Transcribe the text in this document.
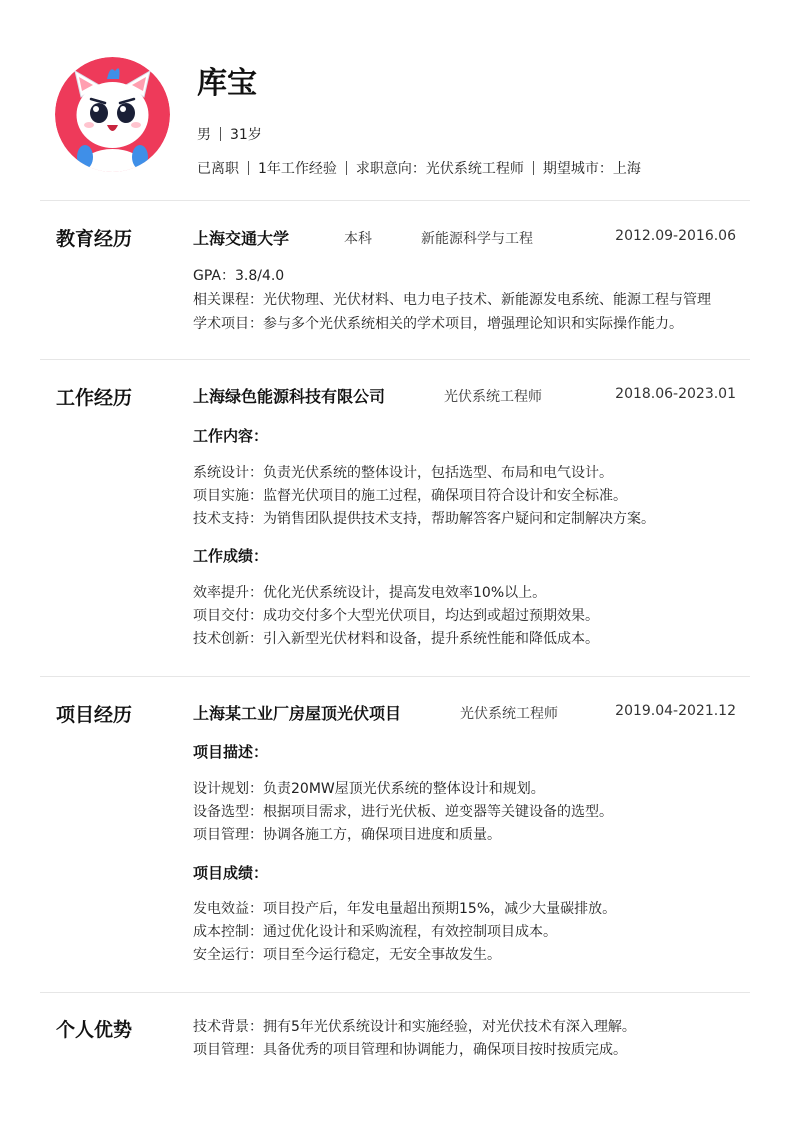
库宝
男 31岁
已离职 1年工作经验 求职意向：光伏系统工程师 期望城市：上海
教育经历	上海交通大学	本科	新能源科学与工程	2012.09-2016.06
GPA：3.8/4.0
相关课程：光伏物理、光伏材料、电力电子技术、新能源发电系统、能源工程与管理
学术项目：参与多个光伏系统相关的学术项目，增强理论知识和实际操作能力。
工作经历	上海绿色能源科技有限公司	光伏系统工程师	2018.06-2023.01
工作内容：
系统设计：负责光伏系统的整体设计，包括选型、布局和电气设计。
项目实施：监督光伏项目的施工过程，确保项目符合设计和安全标准。
技术支持：为销售团队提供技术支持，帮助解答客户疑问和定制解决方案。
工作成绩：
效率提升：优化光伏系统设计，提高发电效率10%以上。
项目交付：成功交付多个大型光伏项目，均达到或超过预期效果。
技术创新：引入新型光伏材料和设备，提升系统性能和降低成本。
项目经历	上海某工业厂房屋顶光伏项目	光伏系统工程师	2019.04-2021.12
项目描述：
设计规划：负责20MW屋顶光伏系统的整体设计和规划。
设备选型：根据项目需求，进行光伏板、逆变器等关键设备的选型。
项目管理：协调各施工方，确保项目进度和质量。
项目成绩：
发电效益：项目投产后，年发电量超出预期15%，减少大量碳排放。
成本控制：通过优化设计和采购流程，有效控制项目成本。
安全运行：项目至今运行稳定，无安全事故发生。
个人优势	技术背景：拥有5年光伏系统设计和实施经验，对光伏技术有深入理解。
项目管理：具备优秀的项目管理和协调能力，确保项目按时按质完成。
